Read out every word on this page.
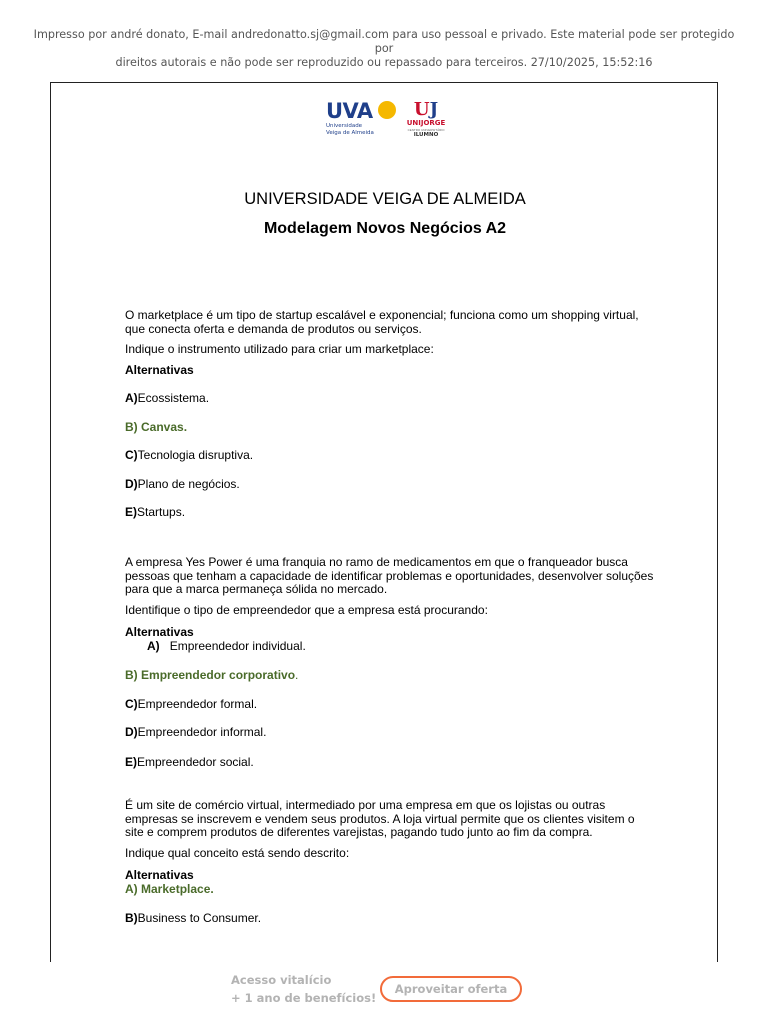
Impresso por andré donato, E-mail andredonatto.sj@gmail.com para uso pessoal e privado. Este material pode ser protegido por
direitos autorais e não pode ser reproduzido ou repassado para terceiros. 27/10/2025, 15:52:16
UVA
Universidade
Veiga de Almeida
UJ
UNIJORGE
CENTRO UNIVERSITÁRIO
ILUMNO
UNIVERSIDADE VEIGA DE ALMEIDA
Modelagem Novos Negócios A2

O marketplace é um tipo de startup escalável e exponencial; funciona como um shopping virtual, que conecta oferta e demanda de produtos ou serviços.

Indique o instrumento utilizado para criar um marketplace:

Alternativas

A)Ecossistema.

B) Canvas.

C)Tecnologia disruptiva.

D)Plano de negócios.

E)Startups.

A empresa Yes Power é uma franquia no ramo de medicamentos em que o franqueador busca pessoas que tenham a capacidade de identificar problemas e oportunidades, desenvolver soluções para que a marca permaneça sólida no mercado.

Identifique o tipo de empreendedor que a empresa está procurando:

Alternativas

A) Empreendedor individual.

B) Empreendedor corporativo.

C)Empreendedor formal.

D)Empreendedor informal.

E)Empreendedor social.

É um site de comércio virtual, intermediado por uma empresa em que os lojistas ou outras empresas se inscrevem e vendem seus produtos. A loja virtual permite que os clientes visitem o site e comprem produtos de diferentes varejistas, pagando tudo junto ao fim da compra.

Indique qual conceito está sendo descrito:

Alternativas

A) Marketplace.

B)Business to Consumer.

Acesso vitalício
+ 1 ano de benefícios!
Aproveitar oferta
